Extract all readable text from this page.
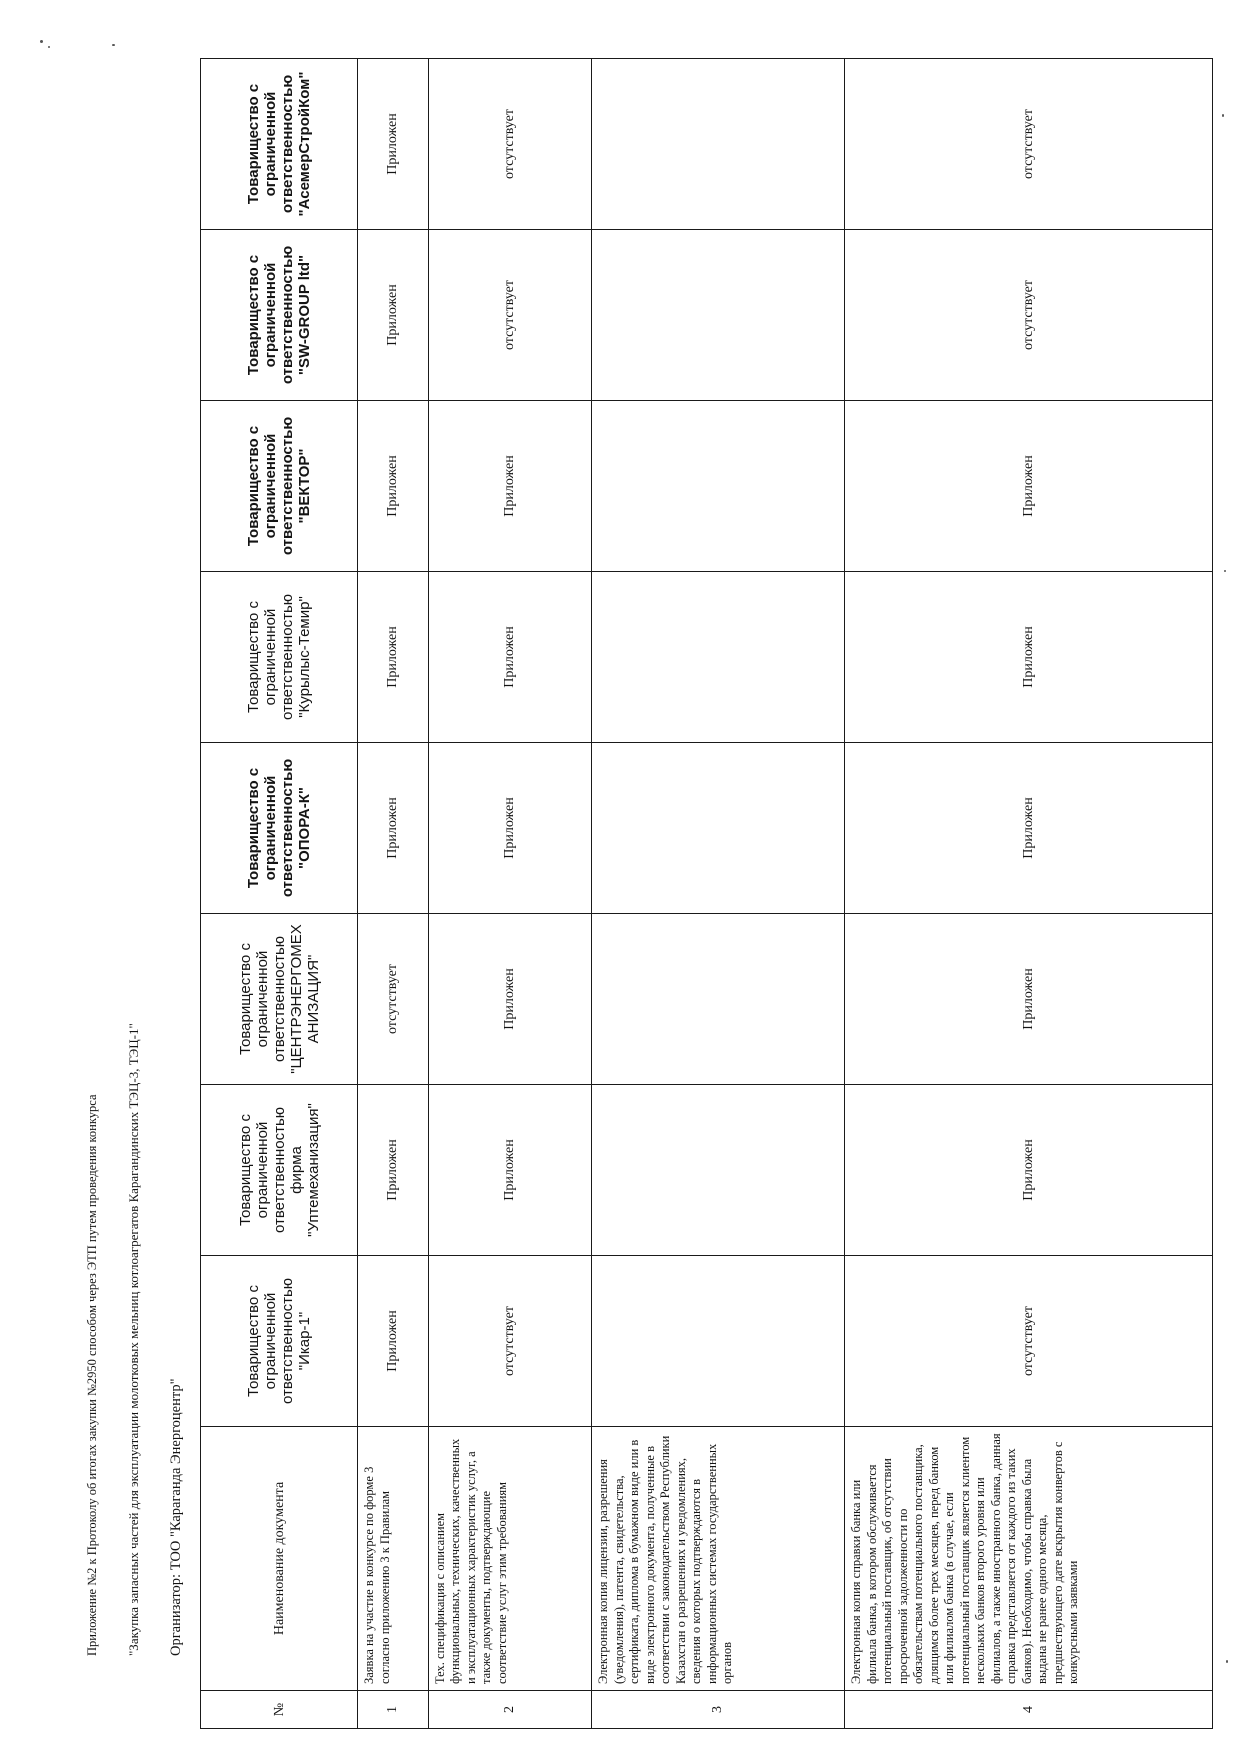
Приложение №2 к Протоколу об итогах закупки №2950 способом через ЭТП путем проведения конкурса "Закупка запасных частей для эксплуатации молотковых мельниц котлоагрегатов Карагандинских ТЭЦ-3, ТЭЦ-1" Организатор: ТОО "Караганда Энергоцентр"
№	Наименование документа	Товарищество с ограниченной ответственностью "Икар-1"	Товарищество с ограниченной ответственностью фирма "Уптемеханизация"	Товарищество с ограниченной ответственностью "ЦЕНТРЭНЕРГОМЕХ АНИЗАЦИЯ"	Товарищество с ограниченной ответственностью "ОПОРА-К"	Товарищество с ограниченной ответственностью "Курылыс-Темир"	Товарищество с ограниченной ответственностью "ВЕКТОР"	Товарищество с ограниченной ответственностью "SW-GROUP ltd"	Товарищество с ограниченной ответственностью "АсемерСтройКом"
1	Заявка на участие в конкурсе по форме 3 согласно приложению 3 к Правилам	Приложен	Приложен	отсутствует	Приложен	Приложен	Приложен	Приложен	Приложен
2	Тех. спецификация с описанием функциональных, технических, качественных и эксплуатационных характеристик услуг, а также документы, подтверждающие соответствие услуг этим требованиям	отсутствует	Приложен	Приложен	Приложен	Приложен	Приложен	отсутствует	отсутствует
3	Электронная копия лицензии, разрешения (уведомления), патента, свидетельства, сертификата, диплома в бумажном виде или в виде электронного документа, полученные в соответствии с законодательством Республики Казахстан о разрешениях и уведомлениях, сведения о которых подтверждаются в информационных системах государственных органов								
4	Электронная копия справки банка или филиала банка, в котором обслуживается потенциальный поставщик, об отсутствии просроченной задолженности по обязательствам потенциального поставщика, длящимся более трех месяцев, перед банком или филиалом банка (в случае, если потенциальный поставщик является клиентом нескольких банков второго уровня или филиалов, а также иностранного банка, данная справка представляется от каждого из таких банков). Необходимо, чтобы справка была выдана не ранее одного месяца, предшествующего дате вскрытия конвертов с конкурсными заявками	отсутствует	Приложен	Приложен	Приложен	Приложен	Приложен	отсутствует	отсутствует
